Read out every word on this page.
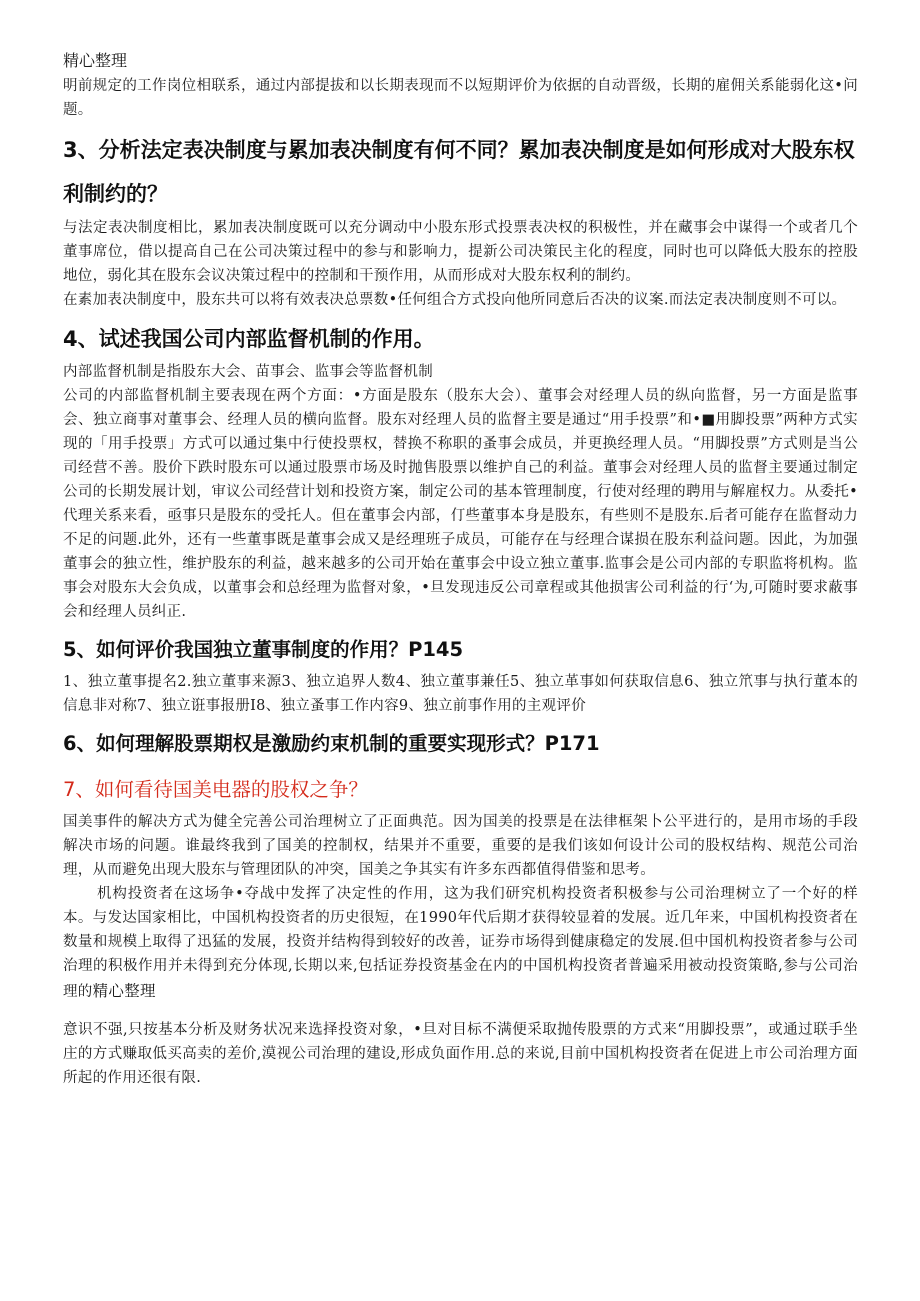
精心整理

明前规定的工作岗位相联系，通过内部提拔和以长期表现而不以短期评价为依据的自动晋级，长期的雇佣关系能弱化这•问题。

3、分析法定表决制度与累加表决制度有何不同？累加表决制度是如何形成对大股东权利制约的？

与法定表决制度相比，累加表决制度既可以充分调动中小股东形式投票表决权的积极性，并在藏事会中谋得一个或者几个董事席位，借以提高自己在公司决策过程中的参与和影响力，提新公司决策民主化的程度，同时也可以降低大股东的控股地位，弱化其在股东会议决策过程中的控制和干预作用，从而形成对大股东权利的制约。

在素加表决制度中，股东共可以将有效表决总票数•任何组合方式投向他所同意后否决的议案.而法定表决制度则不可以。

4、试述我国公司内部监督机制的作用。

内部监督机制是指股东大会、苗事会、监事会等监督机制

公司的内部监督机制主要表现在两个方面：•方面是股东（股东大会）、董事会对经理人员的纵向监督，另一方面是监事会、独立商事对董事会、经理人员的横向监督。股东对经理人员的监督主要是通过“用手投票”和•■用脚投票”两种方式实现的「用手投票」方式可以通过集中行使投票权，替换不称职的蚤事会成员，并更换经理人员。“用脚投票”方式则是当公司经营不善。股价下跌时股东可以通过股票市场及时抛售股票以维护自己的利益。董事会对经理人员的监督主要通过制定公司的长期发展计划，审议公司经营计划和投资方案，制定公司的基本管理制度，行使对经理的聘用与解雇权力。从委托•代理关系来看，亟事只是股东的受托人。但在董事会内部，仃些董事本身是股东，有些则不是股东.后者可能存在监督动力不足的问题.此外，还有一些董事既是董事会成又是经理班子成员，可能存在与经理合谋损在股东利益问题。因此，为加强董事会的独立性，维护股东的利益，越来越多的公司开始在董事会中设立独立董事.监事会是公司内部的专职监将机构。监事会对股东大会负成，以董事会和总经理为监督对象，•旦发现违反公司章程或其他损害公司利益的行‘为,可随时要求蔽事会和经理人员纠正.

5、如何评价我国独立董事制度的作用？P145

1、独立董事提名2.独立董事来源3、独立追界人数4、独立董事兼任5、独立革事如何获取信息6、独立笊事与执行董本的信息非对称7、独立诳事报册I8、独立蚤事工作内容9、独立前事作用的主观评价

6、如何理解股票期权是激励约束机制的重要实现形式？P171
7、如何看待国美电器的股权之争？

国美事件的解决方式为健全完善公司治理树立了正面典范。因为国美的投票是在法律框架卜公平进行的，是用市场的手段解决市场的问题。谁最终我到了国美的控制权，结果并不重要，重要的是我们该如何设计公司的股权结构、规范公司治理，从而避免出现大股东与管理团队的冲突，国美之争其实有许多东西都值得借鉴和思考。

机构投资者在这场争•夺战中发挥了决定性的作用，这为我们研究机构投资者积极参与公司治理树立了一个好的样本。与发达国家相比，中国机构投资者的历史很短，在1990年代后期才获得较显着的发展。近几年来，中国机构投资者在数量和规模上取得了迅猛的发展，投资并结构得到较好的改善，证券市场得到健康稳定的发展.但中国机构投资者参与公司治理的积极作用并未得到充分体现,长期以来,包括证券投资基金在内的中国机构投资者普遍采用被动投资策略,参与公司治理的精心整理

意识不强,只按基本分析及财务状况来选择投资对象，•旦对目标不满便采取抛传股票的方式来“用脚投票”，或通过联手坐庄的方式赚取低买高卖的差价,漠视公司治理的建设,形成负面作用.总的来说,目前中国机构投资者在促进上市公司治理方面所起的作用还很有限.
